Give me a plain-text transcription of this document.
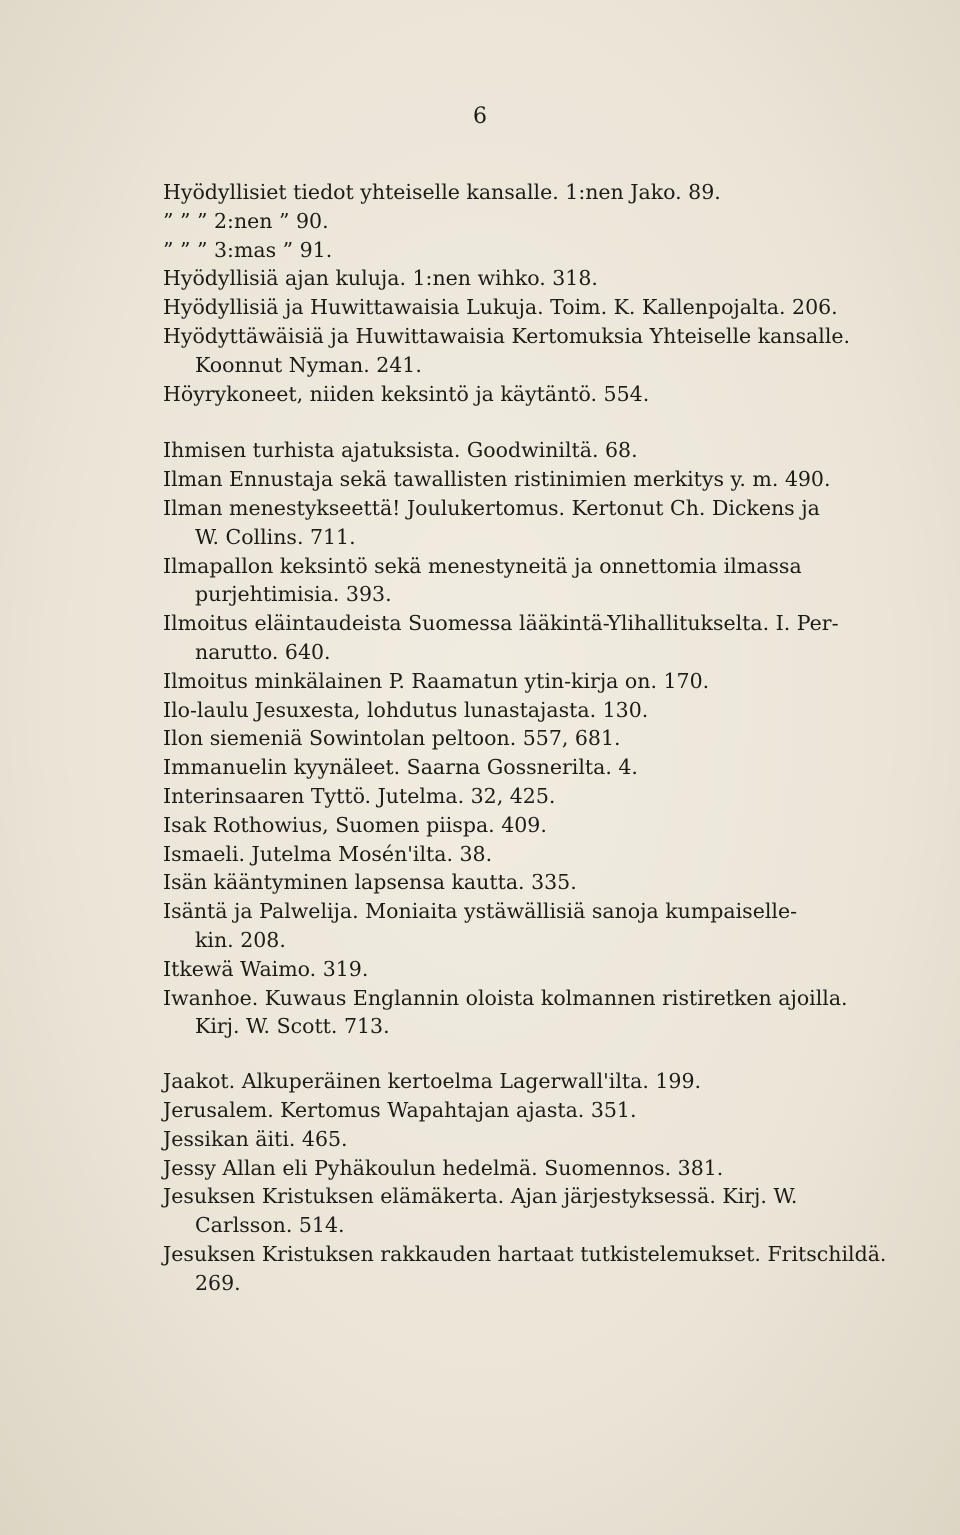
6
Hyödyllisiet tiedot yhteiselle kansalle. 1:nen Jako. 89.
” ” ” 2:nen ” 90.
” ” ” 3:mas ” 91.
Hyödyllisiä ajan kuluja. 1:nen wihko. 318.
Hyödyllisiä ja Huwittawaisia Lukuja. Toim. K. Kallenpojalta. 206.
Hyödyttäwäisiä ja Huwittawaisia Kertomuksia Yhteiselle kansalle.
Koonnut Nyman. 241.
Höyrykoneet, niiden keksintö ja käytäntö. 554.
Ihmisen turhista ajatuksista. Goodwiniltä. 68.
Ilman Ennustaja sekä tawallisten ristinimien merkitys y. m. 490.
Ilman menestykseettä! Joulukertomus. Kertonut Ch. Dickens ja
W. Collins. 711.
Ilmapallon keksintö sekä menestyneitä ja onnettomia ilmassa
purjehtimisia. 393.
Ilmoitus eläintaudeista Suomessa lääkintä-Ylihallitukselta. I. Per-
narutto. 640.
Ilmoitus minkälainen P. Raamatun ytin-kirja on. 170.
Ilo-laulu Jesuxesta, lohdutus lunastajasta. 130.
Ilon siemeniä Sowintolan peltoon. 557, 681.
Immanuelin kyynäleet. Saarna Gossnerilta. 4.
Interinsaaren Tyttö. Jutelma. 32, 425.
Isak Rothowius, Suomen piispa. 409.
Ismaeli. Jutelma Mosén'ilta. 38.
Isän kääntyminen lapsensa kautta. 335.
Isäntä ja Palwelija. Moniaita ystäwällisiä sanoja kumpaiselle-
kin. 208.
Itkewä Waimo. 319.
Iwanhoe. Kuwaus Englannin oloista kolmannen ristiretken ajoilla.
Kirj. W. Scott. 713.
Jaakot. Alkuperäinen kertoelma Lagerwall'ilta. 199.
Jerusalem. Kertomus Wapahtajan ajasta. 351.
Jessikan äiti. 465.
Jessy Allan eli Pyhäkoulun hedelmä. Suomennos. 381.
Jesuksen Kristuksen elämäkerta. Ajan järjestyksessä. Kirj. W.
Carlsson. 514.
Jesuksen Kristuksen rakkauden hartaat tutkistelemukset. Fritschildä.
269.
